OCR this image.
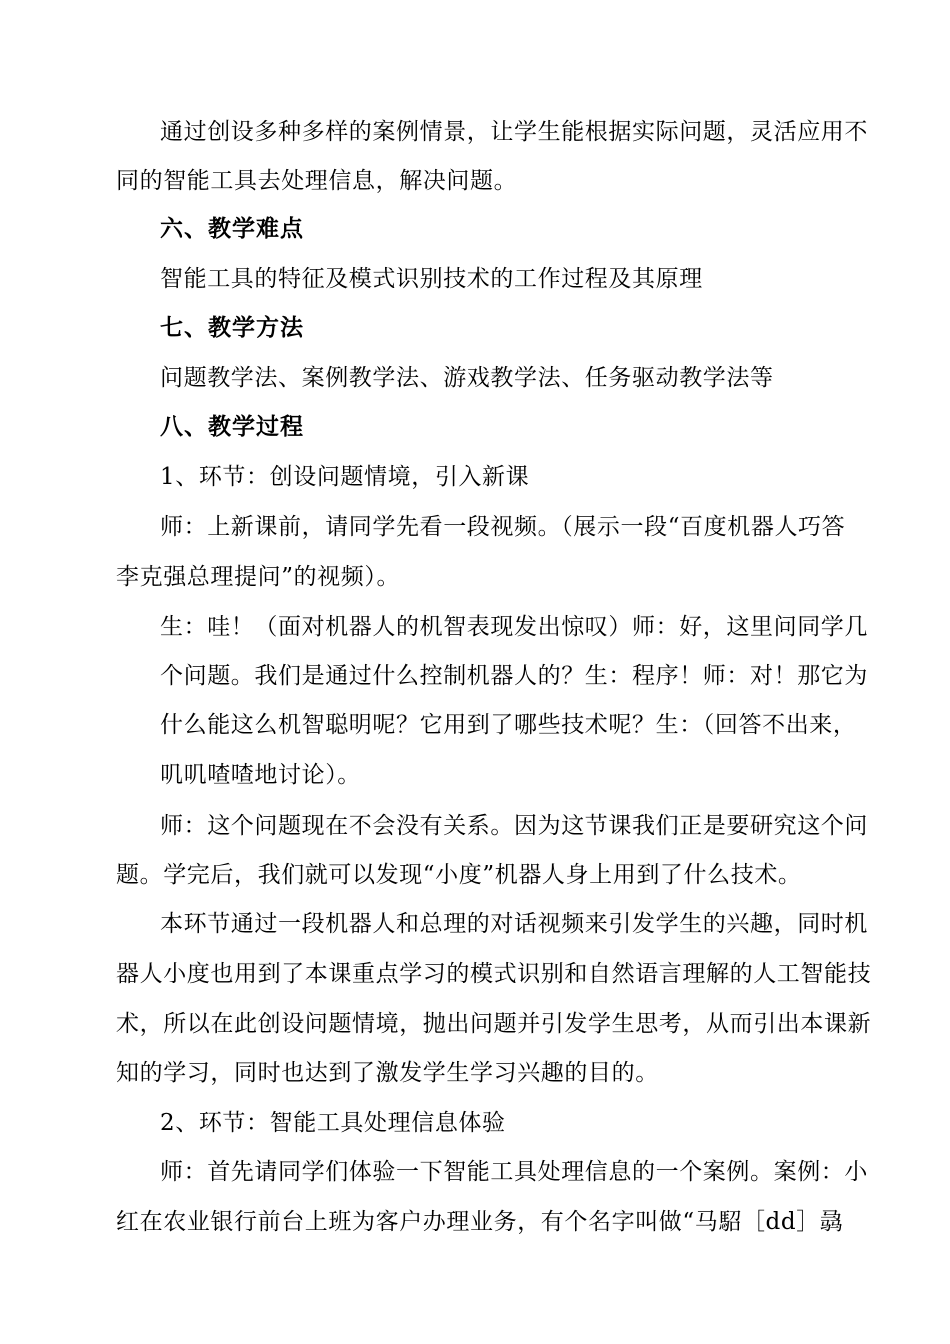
通过创设多种多样的案例情景，让学生能根据实际问题，灵活应用不
同的智能工具去处理信息，解决问题。
六、教学难点
智能工具的特征及模式识别技术的工作过程及其原理
七、教学方法
问题教学法、案例教学法、游戏教学法、任务驱动教学法等
八、教学过程
1、环节：创设问题情境，引入新课
师：上新课前，请同学先看一段视频。（展示一段“百度机器人巧答
李克强总理提问”的视频）。
生：哇！（面对机器人的机智表现发出惊叹）师：好，这里问同学几
个问题。我们是通过什么控制机器人的？生：程序！师：对！那它为
什么能这么机智聪明呢？它用到了哪些技术呢？生：（回答不出来，
叽叽喳喳地讨论）。
师：这个问题现在不会没有关系。因为这节课我们正是要研究这个问
题。学完后，我们就可以发现“小度”机器人身上用到了什么技术。
本环节通过一段机器人和总理的对话视频来引发学生的兴趣，同时机
器人小度也用到了本课重点学习的模式识别和自然语言理解的人工智能技
术，所以在此创设问题情境，抛出问题并引发学生思考，从而引出本课新
知的学习，同时也达到了激发学生学习兴趣的目的。
2、环节：智能工具处理信息体验
师：首先请同学们体验一下智能工具处理信息的一个案例。案例：小
红在农业银行前台上班为客户办理业务，有个名字叫做“马駋［dd］骉
